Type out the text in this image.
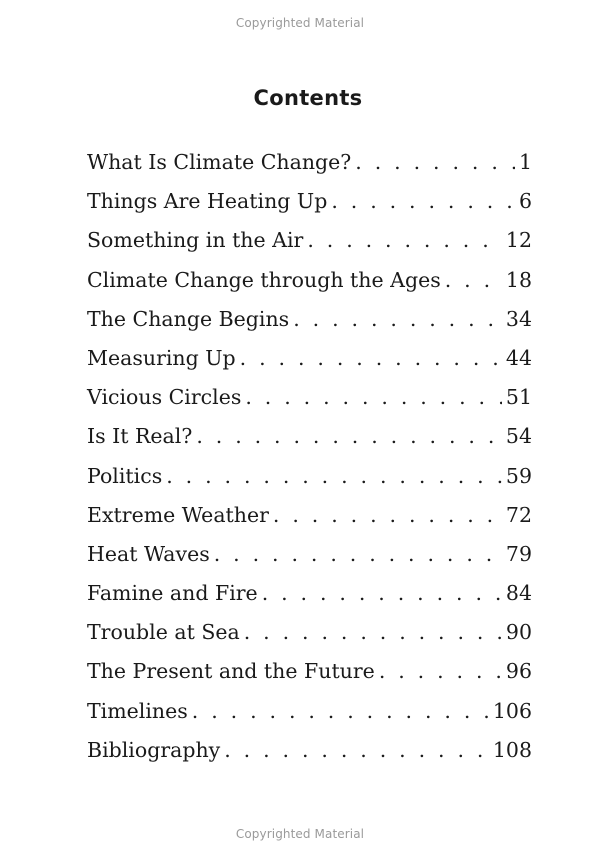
Copyrighted Material
Contents
What Is Climate Change? . . .	1
Things Are Heating Up . . .	6
Something in the Air . . .	12
Climate Change through the Ages . . .	18
The Change Begins . . .	34
Measuring Up . . .	44
Vicious Circles . . .	51
Is It Real? . . .	54
Politics . . .	59
Extreme Weather . . .	72
Heat Waves . . .	79
Famine and Fire . . .	84
Trouble at Sea . . .	90
The Present and the Future . . .	96
Timelines . . .	106
Bibliography . . .	108
Copyrighted Material
